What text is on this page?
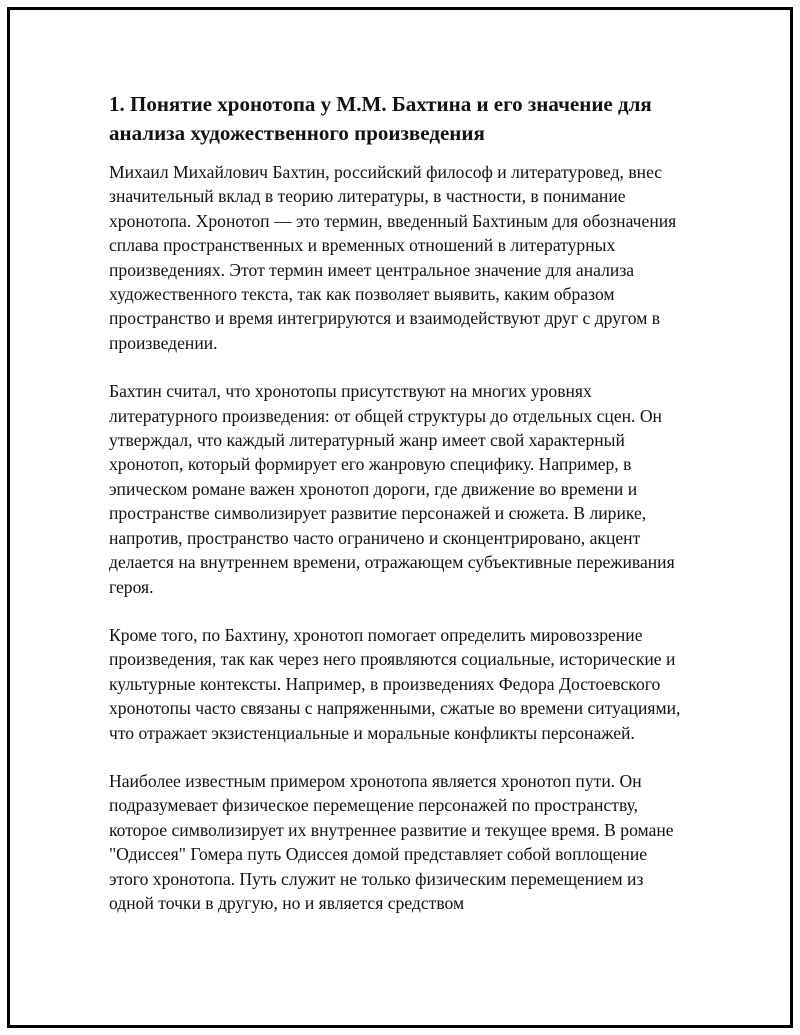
1. Понятие хронотопа у М.М. Бахтина и его значение для анализа художественного произведения

Михаил Михайлович Бахтин, российский философ и литературовед, внес значительный вклад в теорию литературы, в частности, в понимание хронотопа. Хронотоп — это термин, введенный Бахтиным для обозначения сплава пространственных и временных отношений в литературных произведениях. Этот термин имеет центральное значение для анализа художественного текста, так как позволяет выявить, каким образом пространство и время интегрируются и взаимодействуют друг с другом в произведении.

Бахтин считал, что хронотопы присутствуют на многих уровнях литературного произведения: от общей структуры до отдельных сцен. Он утверждал, что каждый литературный жанр имеет свой характерный хронотоп, который формирует его жанровую специфику. Например, в эпическом романе важен хронотоп дороги, где движение во времени и пространстве символизирует развитие персонажей и сюжета. В лирике, напротив, пространство часто ограничено и сконцентрировано, акцент делается на внутреннем времени, отражающем субъективные переживания героя.

Кроме того, по Бахтину, хронотоп помогает определить мировоззрение произведения, так как через него проявляются социальные, исторические и культурные контексты. Например, в произведениях Федора Достоевского хронотопы часто связаны с напряженными, сжатые во времени ситуациями, что отражает экзистенциальные и моральные конфликты персонажей.

Наиболее известным примером хронотопа является хронотоп пути. Он подразумевает физическое перемещение персонажей по пространству, которое символизирует их внутреннее развитие и текущее время. В романе "Одиссея" Гомера путь Одиссея домой представляет собой воплощение этого хронотопа. Путь служит не только физическим перемещением из одной точки в другую, но и является средством
